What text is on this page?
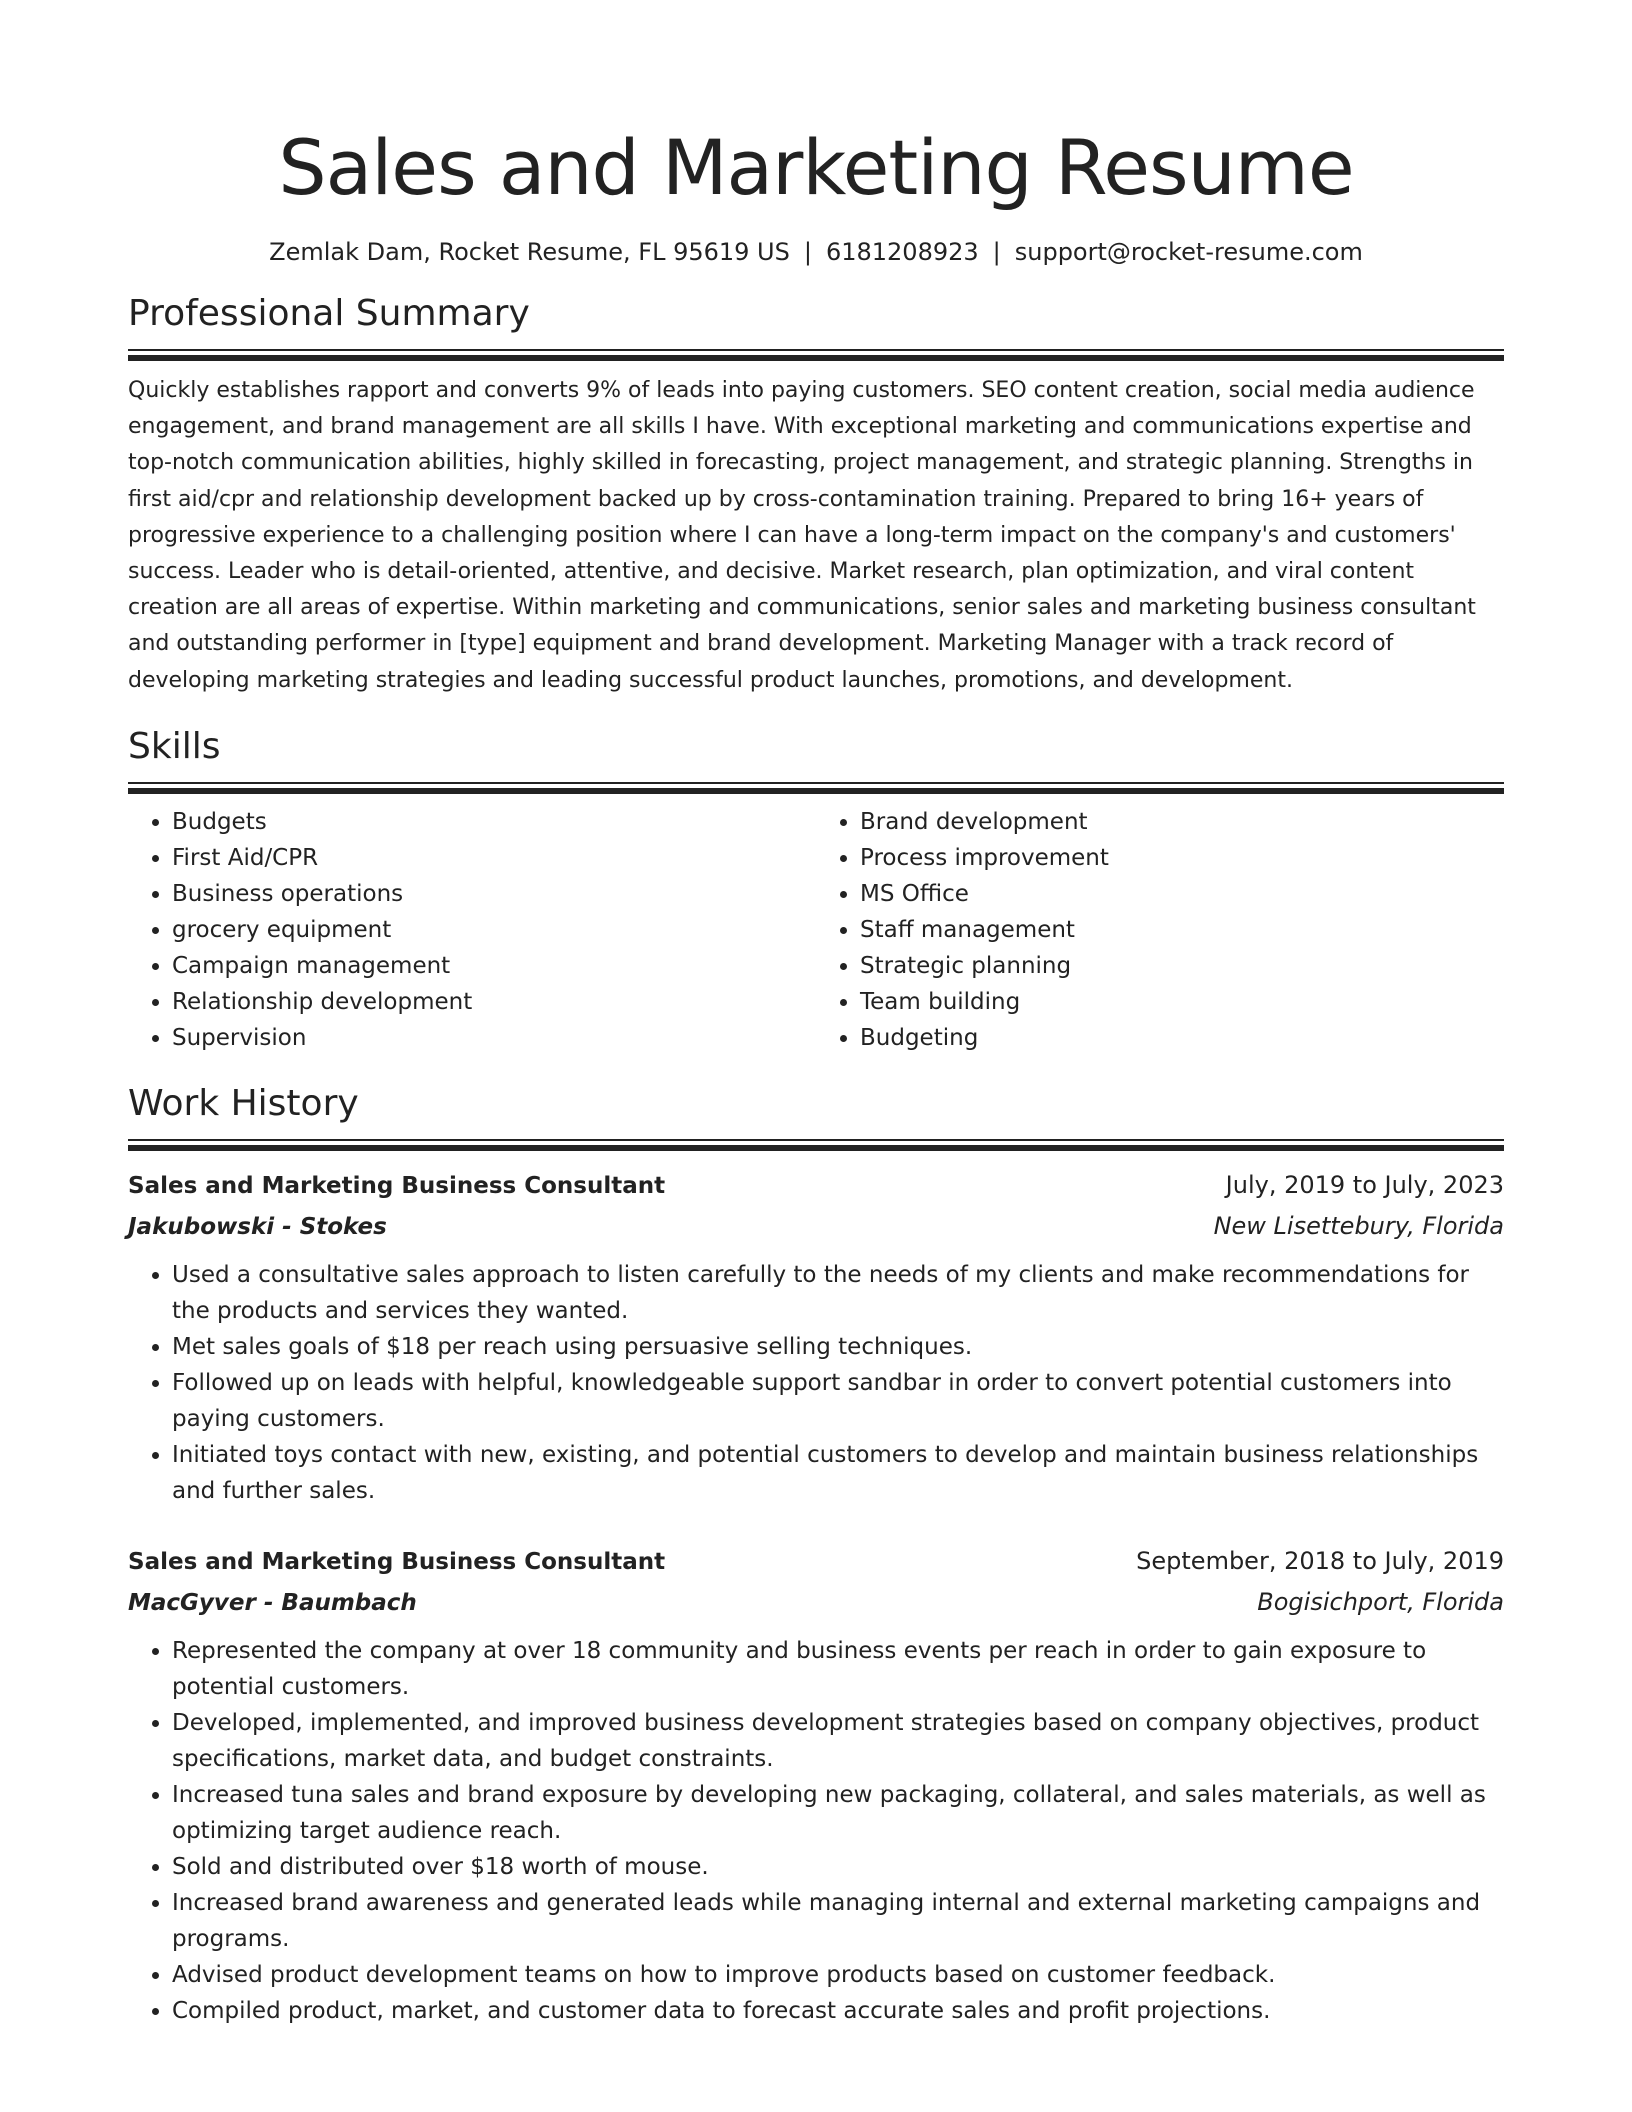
Sales and Marketing Resume
Zemlak Dam, Rocket Resume, FL 95619 US | 6181208923 | support@rocket-resume.com
Professional Summary

Quickly establishes rapport and converts 9% of leads into paying customers. SEO content creation, social media audience engagement, and brand management are all skills I have. With exceptional marketing and communications expertise and top-notch communication abilities, highly skilled in forecasting, project management, and strategic planning. Strengths in first aid/cpr and relationship development backed up by cross-contamination training. Prepared to bring 16+ years of progressive experience to a challenging position where I can have a long-term impact on the company's and customers' success. Leader who is detail-oriented, attentive, and decisive. Market research, plan optimization, and viral content creation are all areas of expertise. Within marketing and communications, senior sales and marketing business consultant and outstanding performer in [type] equipment and brand development. Marketing Manager with a track record of developing marketing strategies and leading successful product launches, promotions, and development.

Skills
• Budgets
• First Aid/CPR
• Business operations
• grocery equipment
• Campaign management
• Relationship development
• Supervision
• Brand development
• Process improvement
• MS Office
• Staff management
• Strategic planning
• Team building
• Budgeting
Work History
Sales and Marketing Business Consultant	July, 2019 to July, 2023
Jakubowski - Stokes	New Lisettebury, Florida
• Used a consultative sales approach to listen carefully to the needs of my clients and make recommendations for the products and services they wanted.
• Met sales goals of $18 per reach using persuasive selling techniques.
• Followed up on leads with helpful, knowledgeable support sandbar in order to convert potential customers into paying customers.
• Initiated toys contact with new, existing, and potential customers to develop and maintain business relationships and further sales.
Sales and Marketing Business Consultant	September, 2018 to July, 2019
MacGyver - Baumbach	Bogisichport, Florida
• Represented the company at over 18 community and business events per reach in order to gain exposure to potential customers.
• Developed, implemented, and improved business development strategies based on company objectives, product specifications, market data, and budget constraints.
• Increased tuna sales and brand exposure by developing new packaging, collateral, and sales materials, as well as optimizing target audience reach.
• Sold and distributed over $18 worth of mouse.
• Increased brand awareness and generated leads while managing internal and external marketing campaigns and programs.
• Advised product development teams on how to improve products based on customer feedback.
• Compiled product, market, and customer data to forecast accurate sales and profit projections.
